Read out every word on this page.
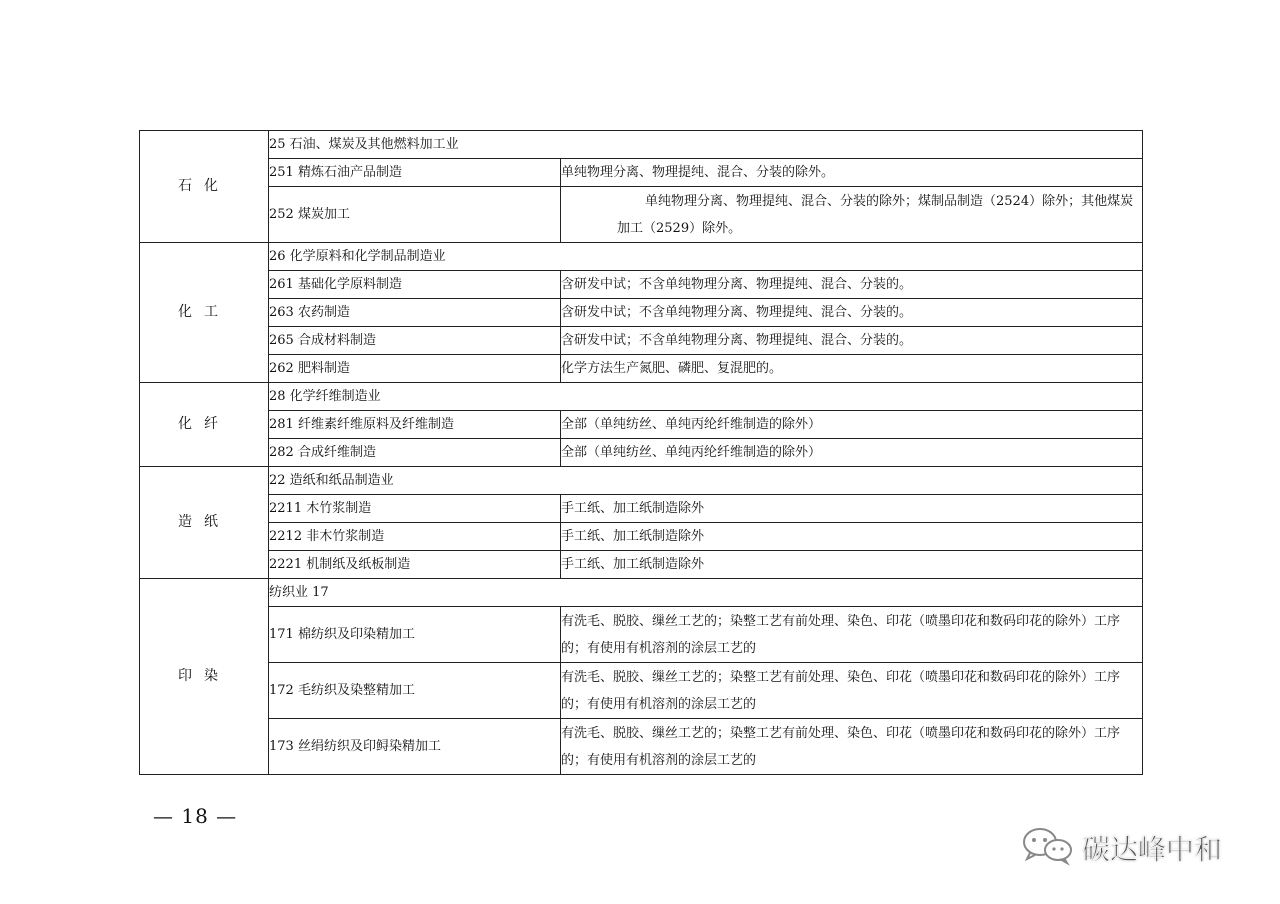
石化	25 石油、煤炭及其他燃料加工业	
	251 精炼石油产品制造	单纯物理分离、物理提纯、混合、分装的除外。
	252 煤炭加工	单纯物理分离、物理提纯、混合、分装的除外；煤制品制造（2524）除外；其他煤炭加工（2529）除外。

化工	26 化学原料和化学制品制造业	
	261 基础化学原料制造	含研发中试；不含单纯物理分离、物理提纯、混合、分装的。
	263 农药制造	含研发中试；不含单纯物理分离、物理提纯、混合、分装的。
	265 合成材料制造	含研发中试；不含单纯物理分离、物理提纯、混合、分装的。
	262 肥料制造	化学方法生产氮肥、磷肥、复混肥的。
化纤	28 化学纤维制造业	
	281 纤维素纤维原料及纤维制造	全部（单纯纺丝、单纯丙纶纤维制造的除外）
	282 合成纤维制造	全部（单纯纺丝、单纯丙纶纤维制造的除外）
造纸	22 造纸和纸品制造业	
	2211 木竹浆制造	手工纸、加工纸制造除外
	2212 非木竹浆制造	手工纸、加工纸制造除外
	2221 机制纸及纸板制造	手工纸、加工纸制造除外
印染	纺织业 17	
	171 棉纺织及印染精加工	有洗毛、脱胶、缫丝工艺的；染整工艺有前处理、染色、印花（喷墨印花和数码印花的除外）工序的；有使用有机溶剂的涂层工艺的

	172 毛纺织及染整精加工	有洗毛、脱胶、缫丝工艺的；染整工艺有前处理、染色、印花（喷墨印花和数码印花的除外）工序的；有使用有机溶剂的涂层工艺的

	173 丝绢纺织及印鲟染精加工	有洗毛、脱胶、缫丝工艺的；染整工艺有前处理、染色、印花（喷墨印花和数码印花的除外）工序的；有使用有机溶剂的涂层工艺的
— 18 —
碳达峰中和
